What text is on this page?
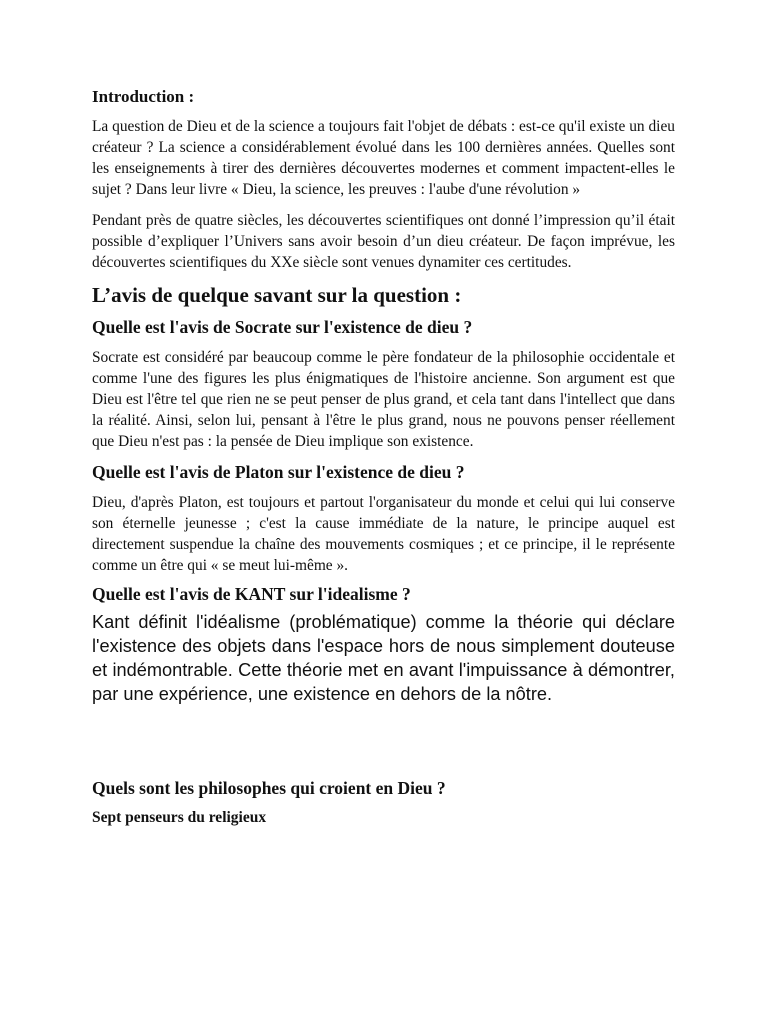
Introduction :

La question de Dieu et de la science a toujours fait l'objet de débats : est-ce qu'il existe un dieu créateur ? La science a considérablement évolué dans les 100 dernières années. Quelles sont les enseignements à tirer des dernières découvertes modernes et comment impactent-elles le sujet ? Dans leur livre « Dieu, la science, les preuves : l'aube d'une révolution »

Pendant près de quatre siècles, les découvertes scientifiques ont donné l’impression qu’il était possible d’expliquer l’Univers sans avoir besoin d’un dieu créateur. De façon imprévue, les découvertes scientifiques du XXe siècle sont venues dynamiter ces certitudes.

L’avis de quelque savant sur la question :
Quelle est l'avis de Socrate sur l'existence de dieu ?

Socrate est considéré par beaucoup comme le père fondateur de la philosophie occidentale et comme l'une des figures les plus énigmatiques de l'histoire ancienne. Son argument est que Dieu est l'être tel que rien ne se peut penser de plus grand, et cela tant dans l'intellect que dans la réalité. Ainsi, selon lui, pensant à l'être le plus grand, nous ne pouvons penser réellement que Dieu n'est pas : la pensée de Dieu implique son existence.

Quelle est l'avis de Platon sur l'existence de dieu ?

Dieu, d'après Platon, est toujours et partout l'organisateur du monde et celui qui lui conserve son éternelle jeunesse ; c'est la cause immédiate de la nature, le principe auquel est directement suspendue la chaîne des mouvements cosmiques ; et ce principe, il le représente comme un être qui « se meut lui-même ».

Quelle est l'avis de KANT sur l'idealisme ?

Kant définit l'idéalisme (problématique) comme la théorie qui déclare l'existence des objets dans l'espace hors de nous simplement douteuse et indémontrable. Cette théorie met en avant l'impuissance à démontrer, par une expérience, une existence en dehors de la nôtre.

Quels sont les philosophes qui croient en Dieu ?
Sept penseurs du religieux
